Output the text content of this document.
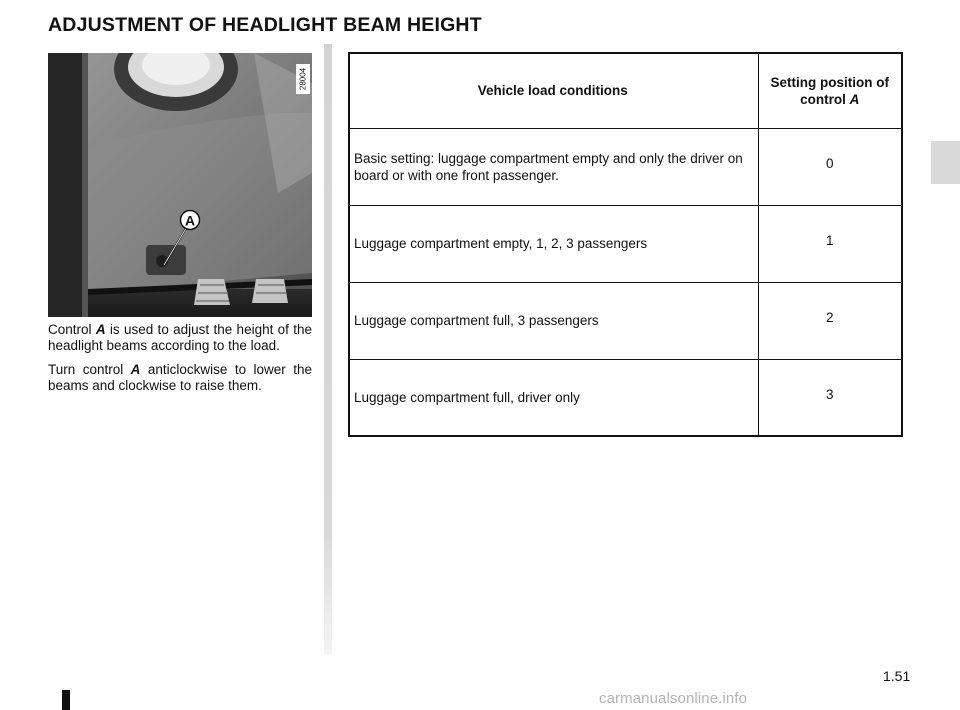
ADJUSTMENT OF HEADLIGHT BEAM HEIGHT
A
28004

Control A is used to adjust the height of the headlight beams according to the load.

Turn control A anticlockwise to lower the beams and clockwise to raise them.

Vehicle load conditions	Setting position of control A
Basic setting: luggage compartment empty and only the driver on board or with one front passenger.	0
Luggage compartment empty, 1, 2, 3 passengers	1
Luggage compartment full, 3 passengers	2
Luggage compartment full, driver only	3
1.51
carmanualsonline.info
